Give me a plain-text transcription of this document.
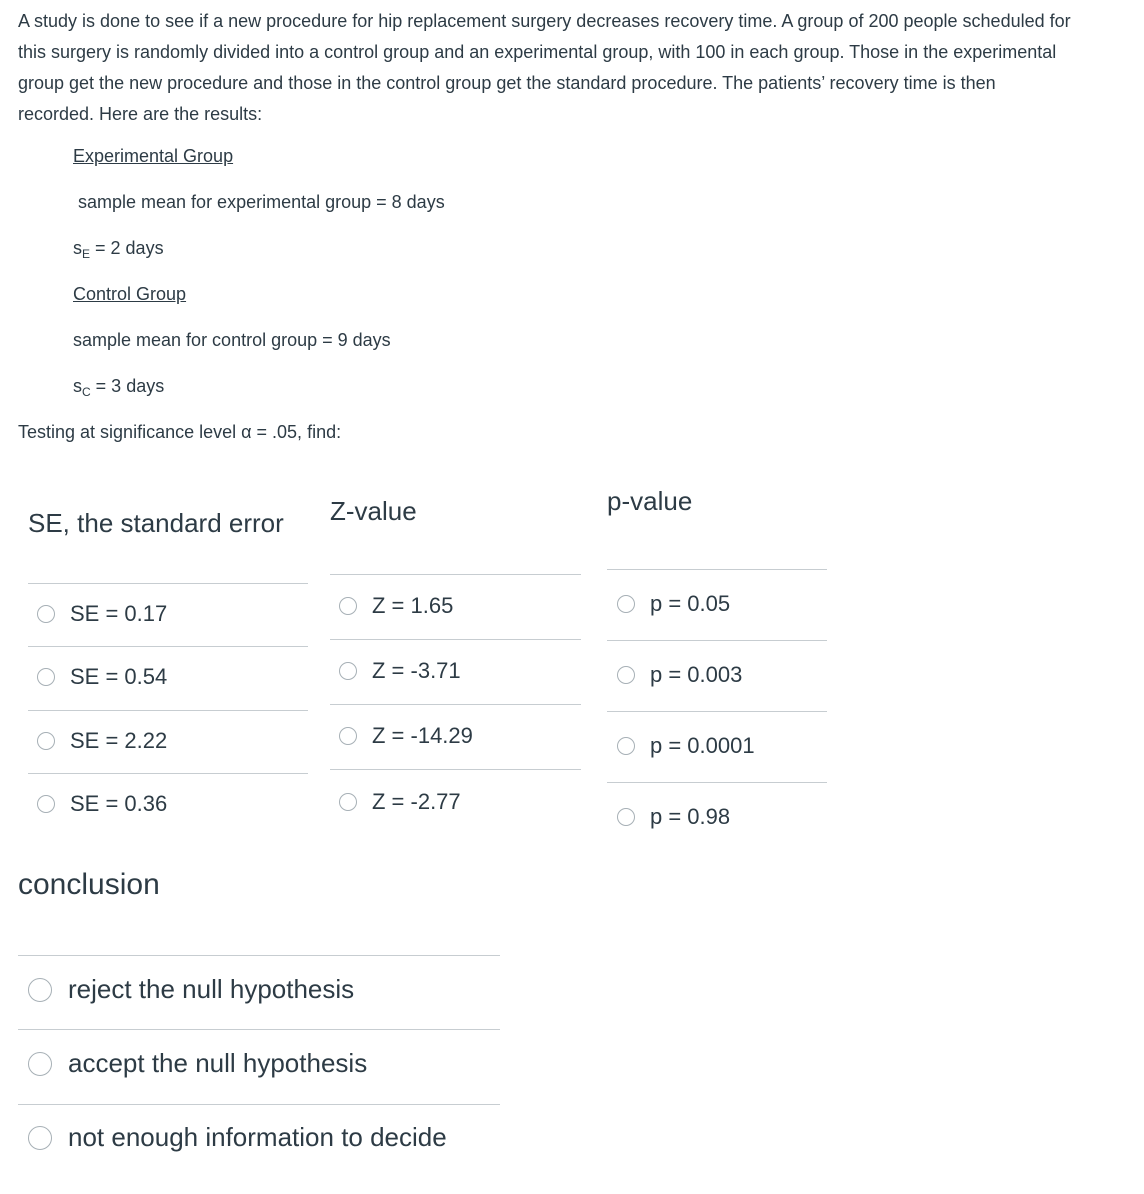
A study is done to see if a new procedure for hip replacement surgery decreases recovery time. A group of 200 people scheduled for
this surgery is randomly divided into a control group and an experimental group, with 100 in each group. Those in the experimental
group get the new procedure and those in the control group get the standard procedure. The patients’ recovery time is then
recorded. Here are the results:
Experimental Group
sample mean for experimental group = 8 days
$s_E = 2$ days
Control Group
sample mean for control group = 9 days
$s_C = 3$ days
Testing at significance level α = .05, find:
SE, the standard error Z-value	p-value
SE = 0.17
SE = 0.54
SE = 2.22
SE = 0.36
Z = 1.65
Z = -3.71
Z = -14.29
Z = -2.77
p = 0.05
p = 0.003
p = 0.0001
p = 0.98
conclusion
reject the null hypothesis
accept the null hypothesis
not enough information to decide
